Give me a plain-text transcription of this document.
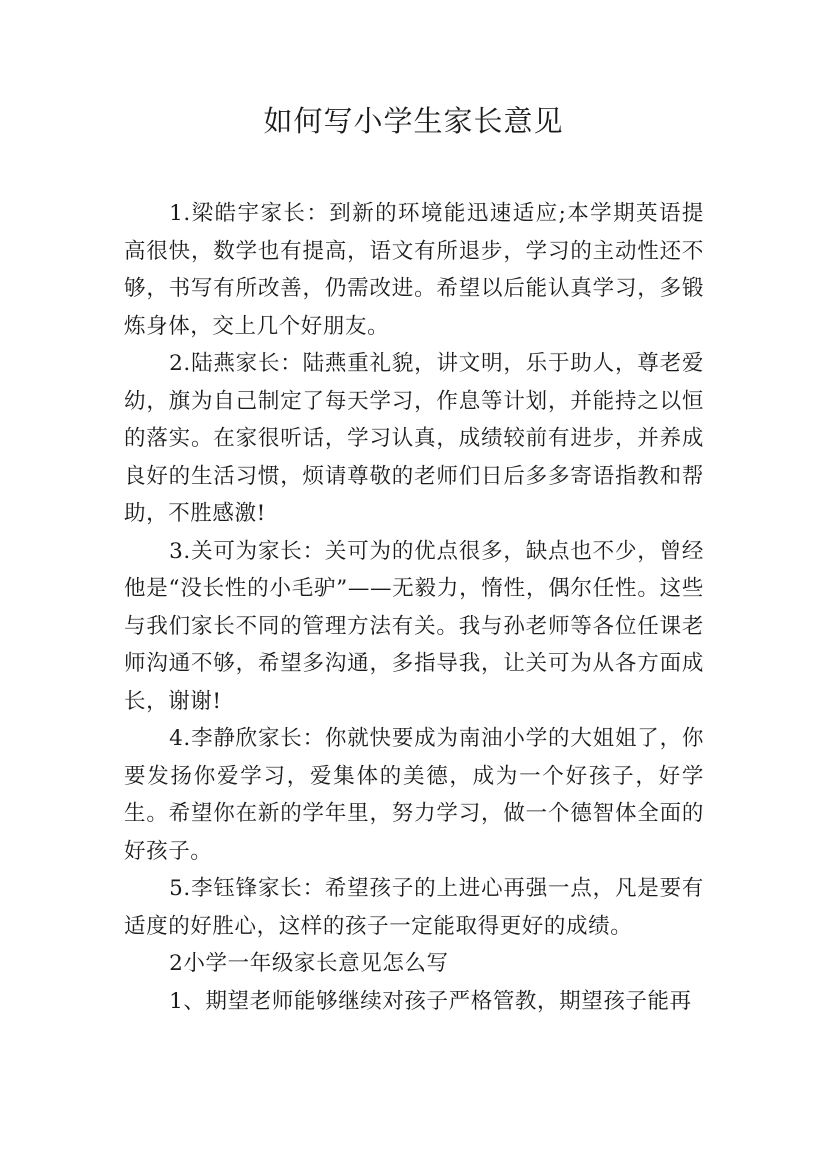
如何写小学生家长意见

1.梁皓宇家长：到新的环境能迅速适应;本学期英语提高很快，数学也有提高，语文有所退步，学习的主动性还不够，书写有所改善，仍需改进。希望以后能认真学习，多锻炼身体，交上几个好朋友。

2.陆燕家长：陆燕重礼貌，讲文明，乐于助人，尊老爱幼，旗为自己制定了每天学习，作息等计划，并能持之以恒的落实。在家很听话，学习认真，成绩较前有进步，并养成良好的生活习惯，烦请尊敬的老师们日后多多寄语指教和帮助，不胜感激!

3.关可为家长：关可为的优点很多，缺点也不少，曾经他是“没长性的小毛驴”——无毅力，惰性，偶尔任性。这些与我们家长不同的管理方法有关。我与孙老师等各位任课老师沟通不够，希望多沟通，多指导我，让关可为从各方面成长，谢谢!

4.李静欣家长：你就快要成为南油小学的大姐姐了，你要发扬你爱学习，爱集体的美德，成为一个好孩子，好学生。希望你在新的学年里，努力学习，做一个德智体全面的好孩子。

5.李钰锋家长：希望孩子的上进心再强一点，凡是要有适度的好胜心，这样的孩子一定能取得更好的成绩。

2小学一年级家长意见怎么写

1、期望老师能够继续对孩子严格管教，期望孩子能再
